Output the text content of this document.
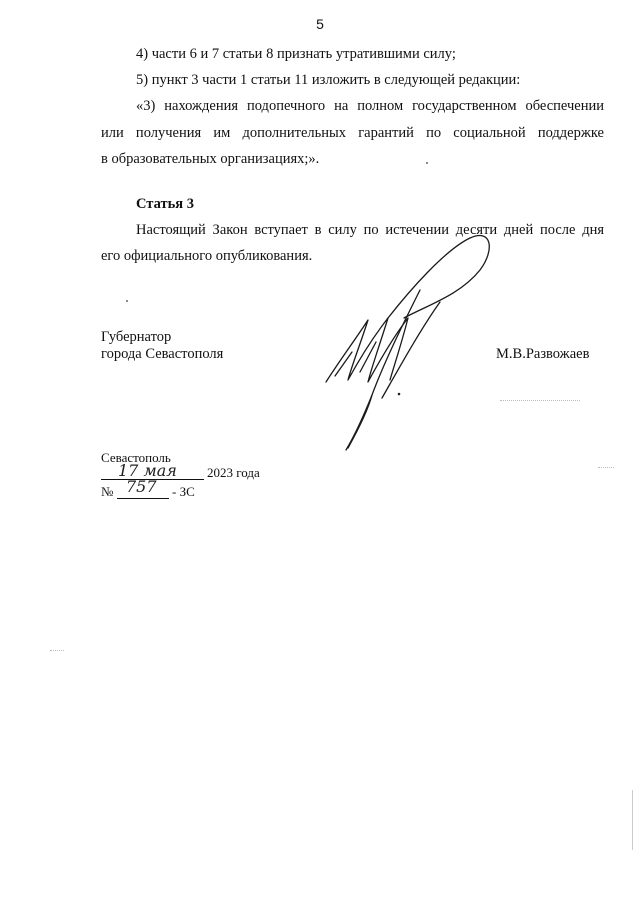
5
4) части 6 и 7 статьи 8 признать утратившими силу;
5) пункт 3 части 1 статьи 11 изложить в следующей редакции:
«3) нахождения подопечного на полном государственном обеспечении
или получения им дополнительных гарантий по социальной поддержке
в образовательных организациях;».
Статья 3
Настоящий Закон вступает в силу по истечении десяти дней после дня
его официального опубликования.
Губернатор
города Севастополя	М.В.Развожаев
Севастополь
17 мая 2023 года
№ 757 - ЗС
